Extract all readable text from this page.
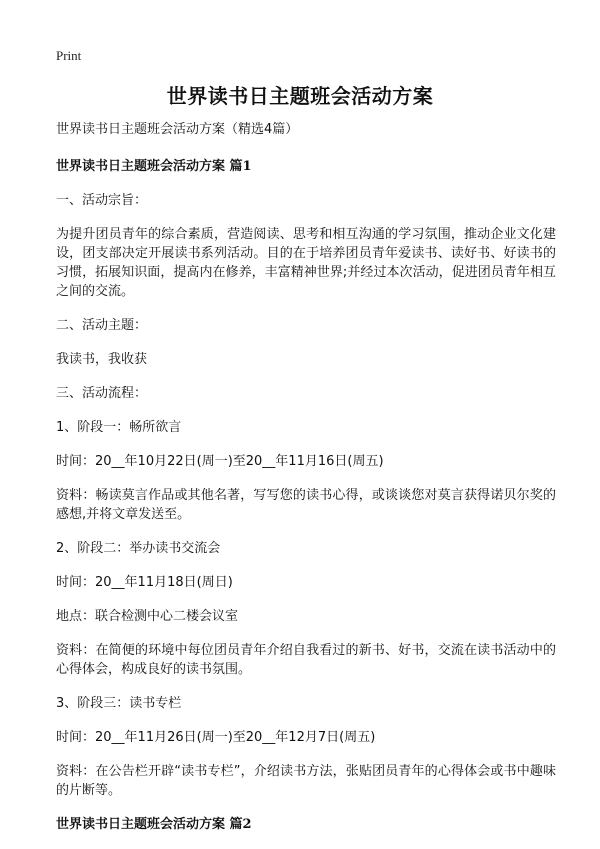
Print
世界读书日主题班会活动方案

世界读书日主题班会活动方案（精选4篇）

世界读书日主题班会活动方案 篇1

一、活动宗旨：

为提升团员青年的综合素质，营造阅读、思考和相互沟通的学习氛围，推动企业文化建设，团支部决定开展读书系列活动。目的在于培养团员青年爱读书、读好书、好读书的习惯，拓展知识面，提高内在修养，丰富精神世界;并经过本次活动，促进团员青年相互之间的交流。

二、活动主题：

我读书，我收获

三、活动流程：

1、阶段一：畅所欲言

时间：20__年10月22日(周一)至20__年11月16日(周五)

资料：畅读莫言作品或其他名著，写写您的读书心得，或谈谈您对莫言获得诺贝尔奖的感想,并将文章发送至。

2、阶段二：举办读书交流会

时间：20__年11月18日(周日)

地点：联合检测中心二楼会议室

资料：在简便的环境中每位团员青年介绍自我看过的新书、好书，交流在读书活动中的心得体会，构成良好的读书氛围。

3、阶段三：读书专栏

时间：20__年11月26日(周一)至20__年12月7日(周五)

资料：在公告栏开辟“读书专栏”，介绍读书方法，张贴团员青年的心得体会或书中趣味的片断等。

世界读书日主题班会活动方案 篇2
